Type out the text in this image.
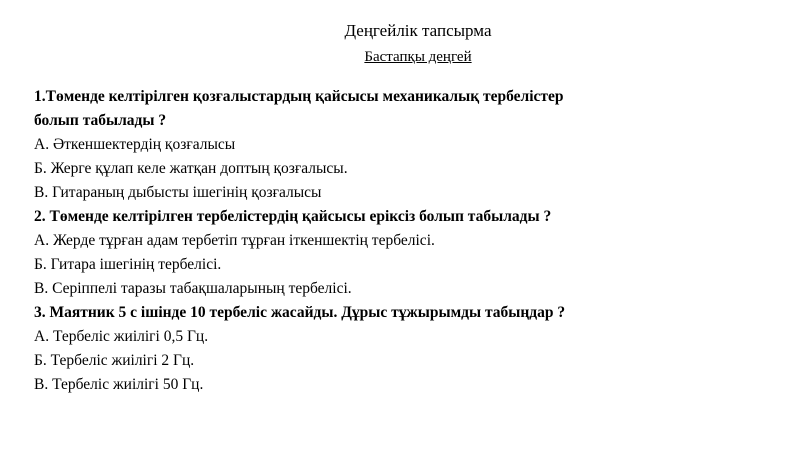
Деңгейлік тапсырма
Бастапқы деңгей
1.Төменде келтірілген қозғалыстардың қайсысы механикалық тербелістер
болып табылады ?
А. Әткеншектердің қозғалысы
Б. Жерге құлап келе жатқан доптың қозғалысы.
В. Гитараның дыбысты ішегінің қозғалысы
2. Төменде келтірілген тербелістердің қайсысы еріксіз болып табылады ?
А. Жерде тұрған адам тербетіп тұрған іткеншектің тербелісі.
Б. Гитара ішегінің тербелісі.
В. Серіппелі таразы табақшаларының тербелісі.
3. Маятник 5 с ішінде 10 тербеліс жасайды. Дұрыс тұжырымды табыңдар ?
А. Тербеліс жиілігі 0,5 Гц.
Б. Тербеліс жиілігі 2 Гц.
В. Тербеліс жиілігі 50 Гц.
